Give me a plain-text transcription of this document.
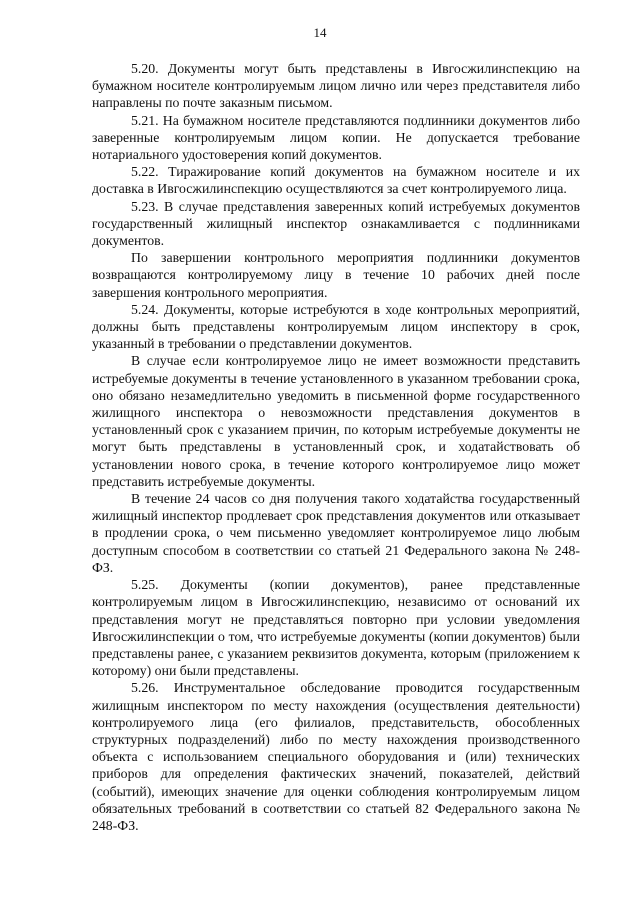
14

5.20. Документы могут быть представлены в Ивгосжилинспекцию на бумажном носителе контролируемым лицом лично или через представителя либо направлены по почте заказным письмом.

5.21. На бумажном носителе представляются подлинники документов либо заверенные контролируемым лицом копии. Не допускается требование нотариального удостоверения копий документов.

5.22. Тиражирование копий документов на бумажном носителе и их доставка в Ивгосжилинспекцию осуществляются за счет контролируемого лица.

5.23. В случае представления заверенных копий истребуемых документов государственный жилищный инспектор ознакамливается с подлинниками документов.

По завершении контрольного мероприятия подлинники документов возвращаются контролируемому лицу в течение 10 рабочих дней после завершения контрольного мероприятия.

5.24. Документы, которые истребуются в ходе контрольных мероприятий, должны быть представлены контролируемым лицом инспектору в срок, указанный в требовании о представлении документов.

В случае если контролируемое лицо не имеет возможности представить истребуемые документы в течение установленного в указанном требовании срока, оно обязано незамедлительно уведомить в письменной форме государственного жилищного инспектора о невозможности представления документов в установленный срок с указанием причин, по которым истребуемые документы не могут быть представлены в установленный срок, и ходатайствовать об установлении нового срока, в течение которого контролируемое лицо может представить истребуемые документы.

В течение 24 часов со дня получения такого ходатайства государственный жилищный инспектор продлевает срок представления документов или отказывает в продлении срока, о чем письменно уведомляет контролируемое лицо любым доступным способом в соответствии со статьей 21 Федерального закона № 248-ФЗ.

5.25. Документы (копии документов), ранее представленные контролируемым лицом в Ивгосжилинспекцию, независимо от оснований их представления могут не представляться повторно при условии уведомления Ивгосжилинспекции о том, что истребуемые документы (копии документов) были представлены ранее, с указанием реквизитов документа, которым (приложением к которому) они были представлены.

5.26. Инструментальное обследование проводится государственным жилищным инспектором по месту нахождения (осуществления деятельности) контролируемого лица (его филиалов, представительств, обособленных структурных подразделений) либо по месту нахождения производственного объекта с использованием специального оборудования и (или) технических приборов для определения фактических значений, показателей, действий (событий), имеющих значение для оценки соблюдения контролируемым лицом обязательных требований в соответствии со статьей 82 Федерального закона № 248-ФЗ.
